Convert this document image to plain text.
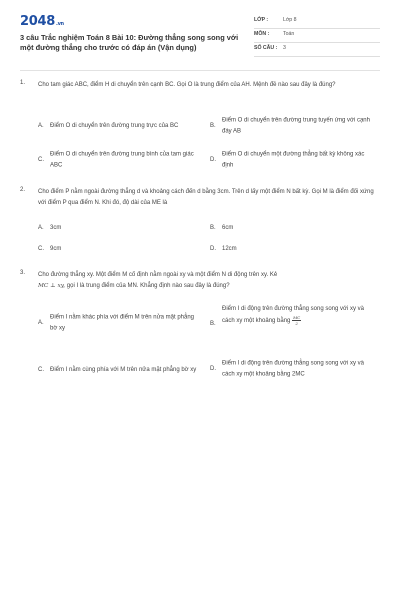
2048.vn
3 câu Trắc nghiệm Toán 8 Bài 10: Đường thẳng song song với một đường thẳng cho trước có đáp án (Vận dụng)
LỚP :	Lớp 8
MÔN :	Toán
SỐ CÂU : 3
1. Cho tam giác ABC, điểm H di chuyển trên cạnh BC. Gọi O là trung điểm của AH. Mệnh đề nào sau đây là đúng?
A. Điểm O di chuyển trên đường trung trực của BC	B.
Điểm O di chuyển trên đường trung tuyến ứng với cạnh đáy AB
C.
Điểm O di chuyển trên đường trung bình của tam giác ABC
D.
Điểm O di chuyển một đường thẳng bất kỳ không xác định
2. Cho điểm P nằm ngoài đường thẳng d và khoảng cách đến d bằng 3cm. Trên d lấy một điểm N bất kỳ. Gọi M là điểm đối xứng với điểm P qua điểm N. Khi đó, độ dài của ME là
A. 3cm	B. 6cm
C. 9cm	D. 12cm
3. Cho đường thẳng xy. Một điểm M cố định nằm ngoài xy và một điểm N di động trên xy. Kẻ
MC ⊥ xy, gọi I là trung điểm của MN. Khẳng định nào sau đây là đúng?
A.
Điểm I nằm khác phía với điểm M trên nửa mặt phẳng bờ xy
B.
Điểm I di động trên đường thẳng song song với xy và cách xy một khoảng bằng $\frac{MC}{2}$
C. Điểm I nằm cùng phía với M trên nửa mặt phẳng bờ xy	D.
Điểm I di động trên đường thẳng song song với xy và cách xy một khoảng bằng 2MC
